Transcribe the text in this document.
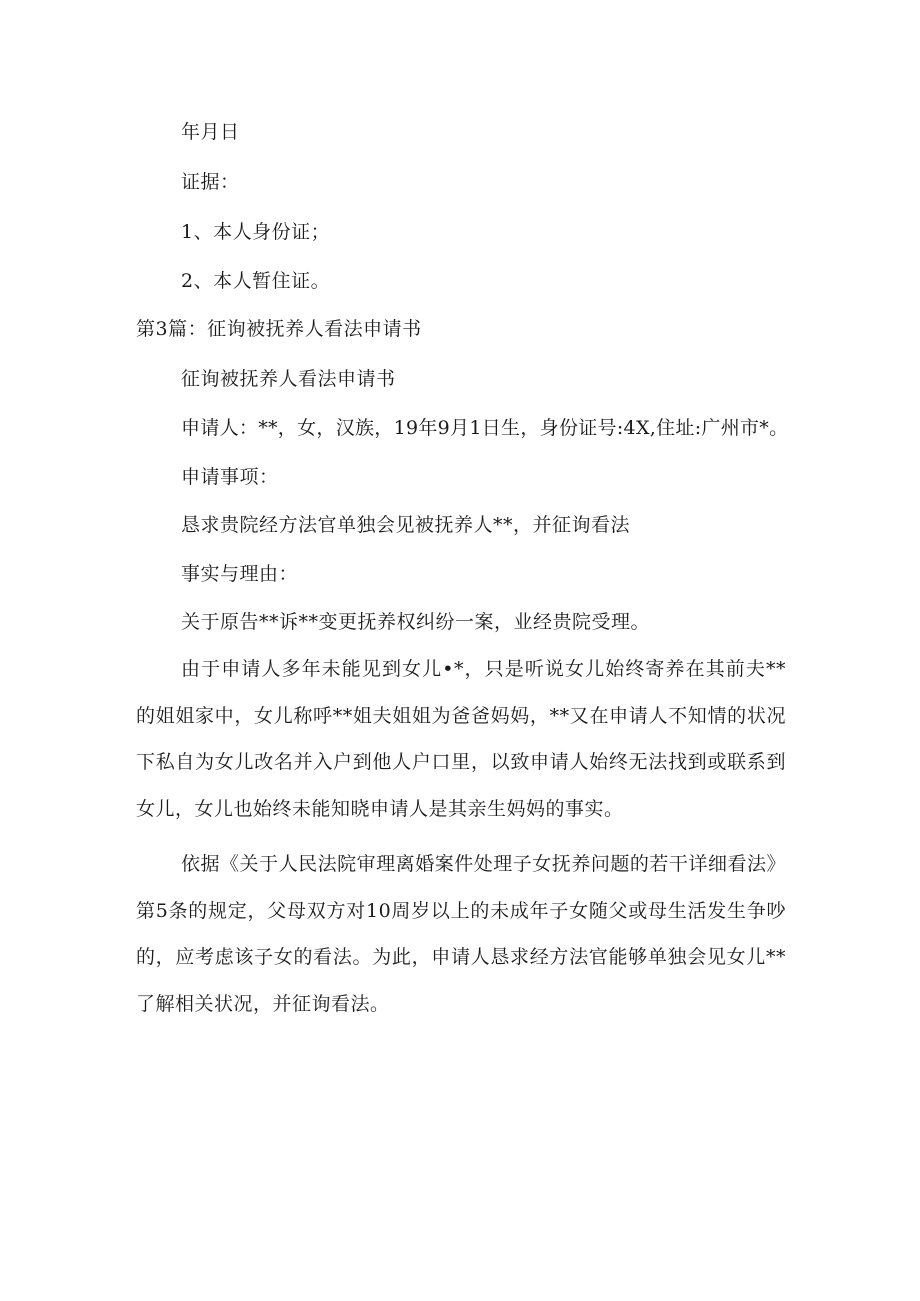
年月日
证据：
1、本人身份证；
2、本人暂住证。
第3篇：征询被抚养人看法申请书
征询被抚养人看法申请书
申请人：**，女，汉族，19年9月1日生，身份证号:4X,住址:广州市*。
申请事项：
恳求贵院经方法官单独会见被抚养人**，并征询看法
事实与理由：
关于原告**诉**变更抚养权纠纷一案，业经贵院受理。

由于申请人多年未能见到女儿•*，只是听说女儿始终寄养在其前夫**的姐姐家中，女儿称呼**姐夫姐姐为爸爸妈妈，**又在申请人不知情的状况下私自为女儿改名并入户到他人户口里，以致申请人始终无法找到或联系到女儿，女儿也始终未能知晓申请人是其亲生妈妈的事实。

依据《关于人民法院审理离婚案件处理子女抚养问题的若干详细看法》第5条的规定，父母双方对10周岁以上的未成年子女随父或母生活发生争吵的，应考虑该子女的看法。为此，申请人恳求经方法官能够单独会见女儿**了解相关状况，并征询看法。
